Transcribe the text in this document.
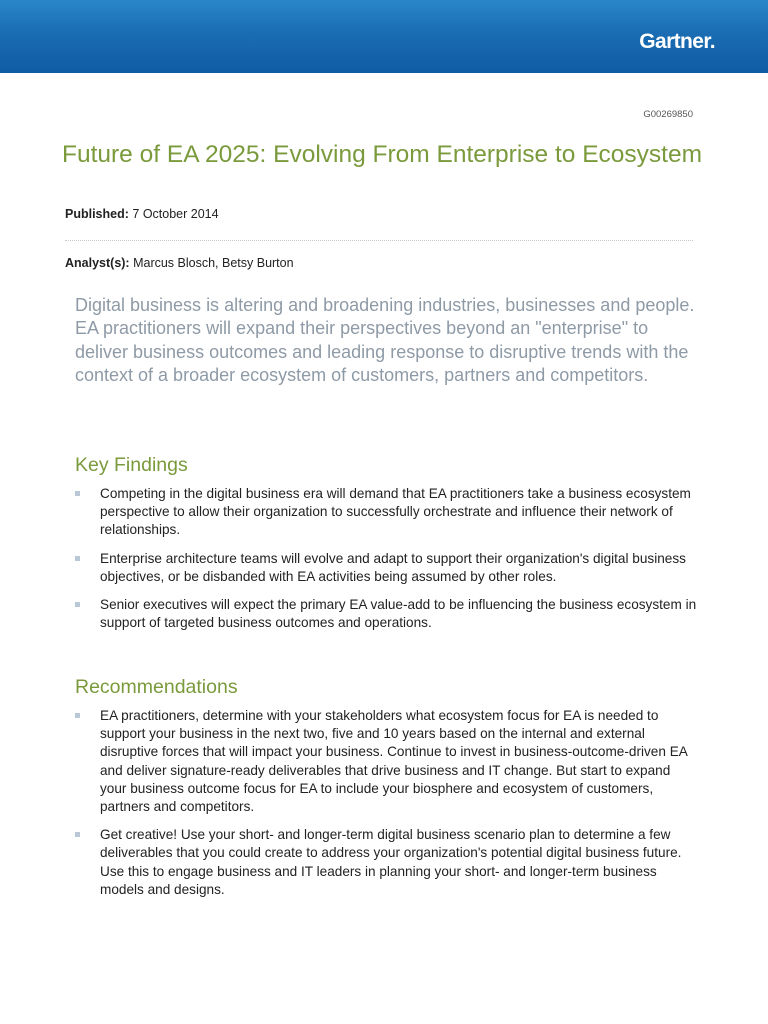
Gartner.
G00269850
Future of EA 2025: Evolving From Enterprise to Ecosystem
Published: 7 October 2014
Analyst(s): Marcus Blosch, Betsy Burton

Digital business is altering and broadening industries, businesses and people. EA practitioners will expand their perspectives beyond an "enterprise" to deliver business outcomes and leading response to disruptive trends with the context of a broader ecosystem of customers, partners and competitors.

Key Findings
Competing in the digital business era will demand that EA practitioners take a business ecosystem perspective to allow their organization to successfully orchestrate and influence their network of relationships.
Enterprise architecture teams will evolve and adapt to support their organization's digital business objectives, or be disbanded with EA activities being assumed by other roles.
Senior executives will expect the primary EA value-add to be influencing the business ecosystem in support of targeted business outcomes and operations.
Recommendations
EA practitioners, determine with your stakeholders what ecosystem focus for EA is needed to support your business in the next two, five and 10 years based on the internal and external disruptive forces that will impact your business. Continue to invest in business-outcome-driven EA and deliver signature-ready deliverables that drive business and IT change. But start to expand your business outcome focus for EA to include your biosphere and ecosystem of customers, partners and competitors.
Get creative! Use your short- and longer-term digital business scenario plan to determine a few deliverables that you could create to address your organization's potential digital business future. Use this to engage business and IT leaders in planning your short- and longer-term business models and designs.
